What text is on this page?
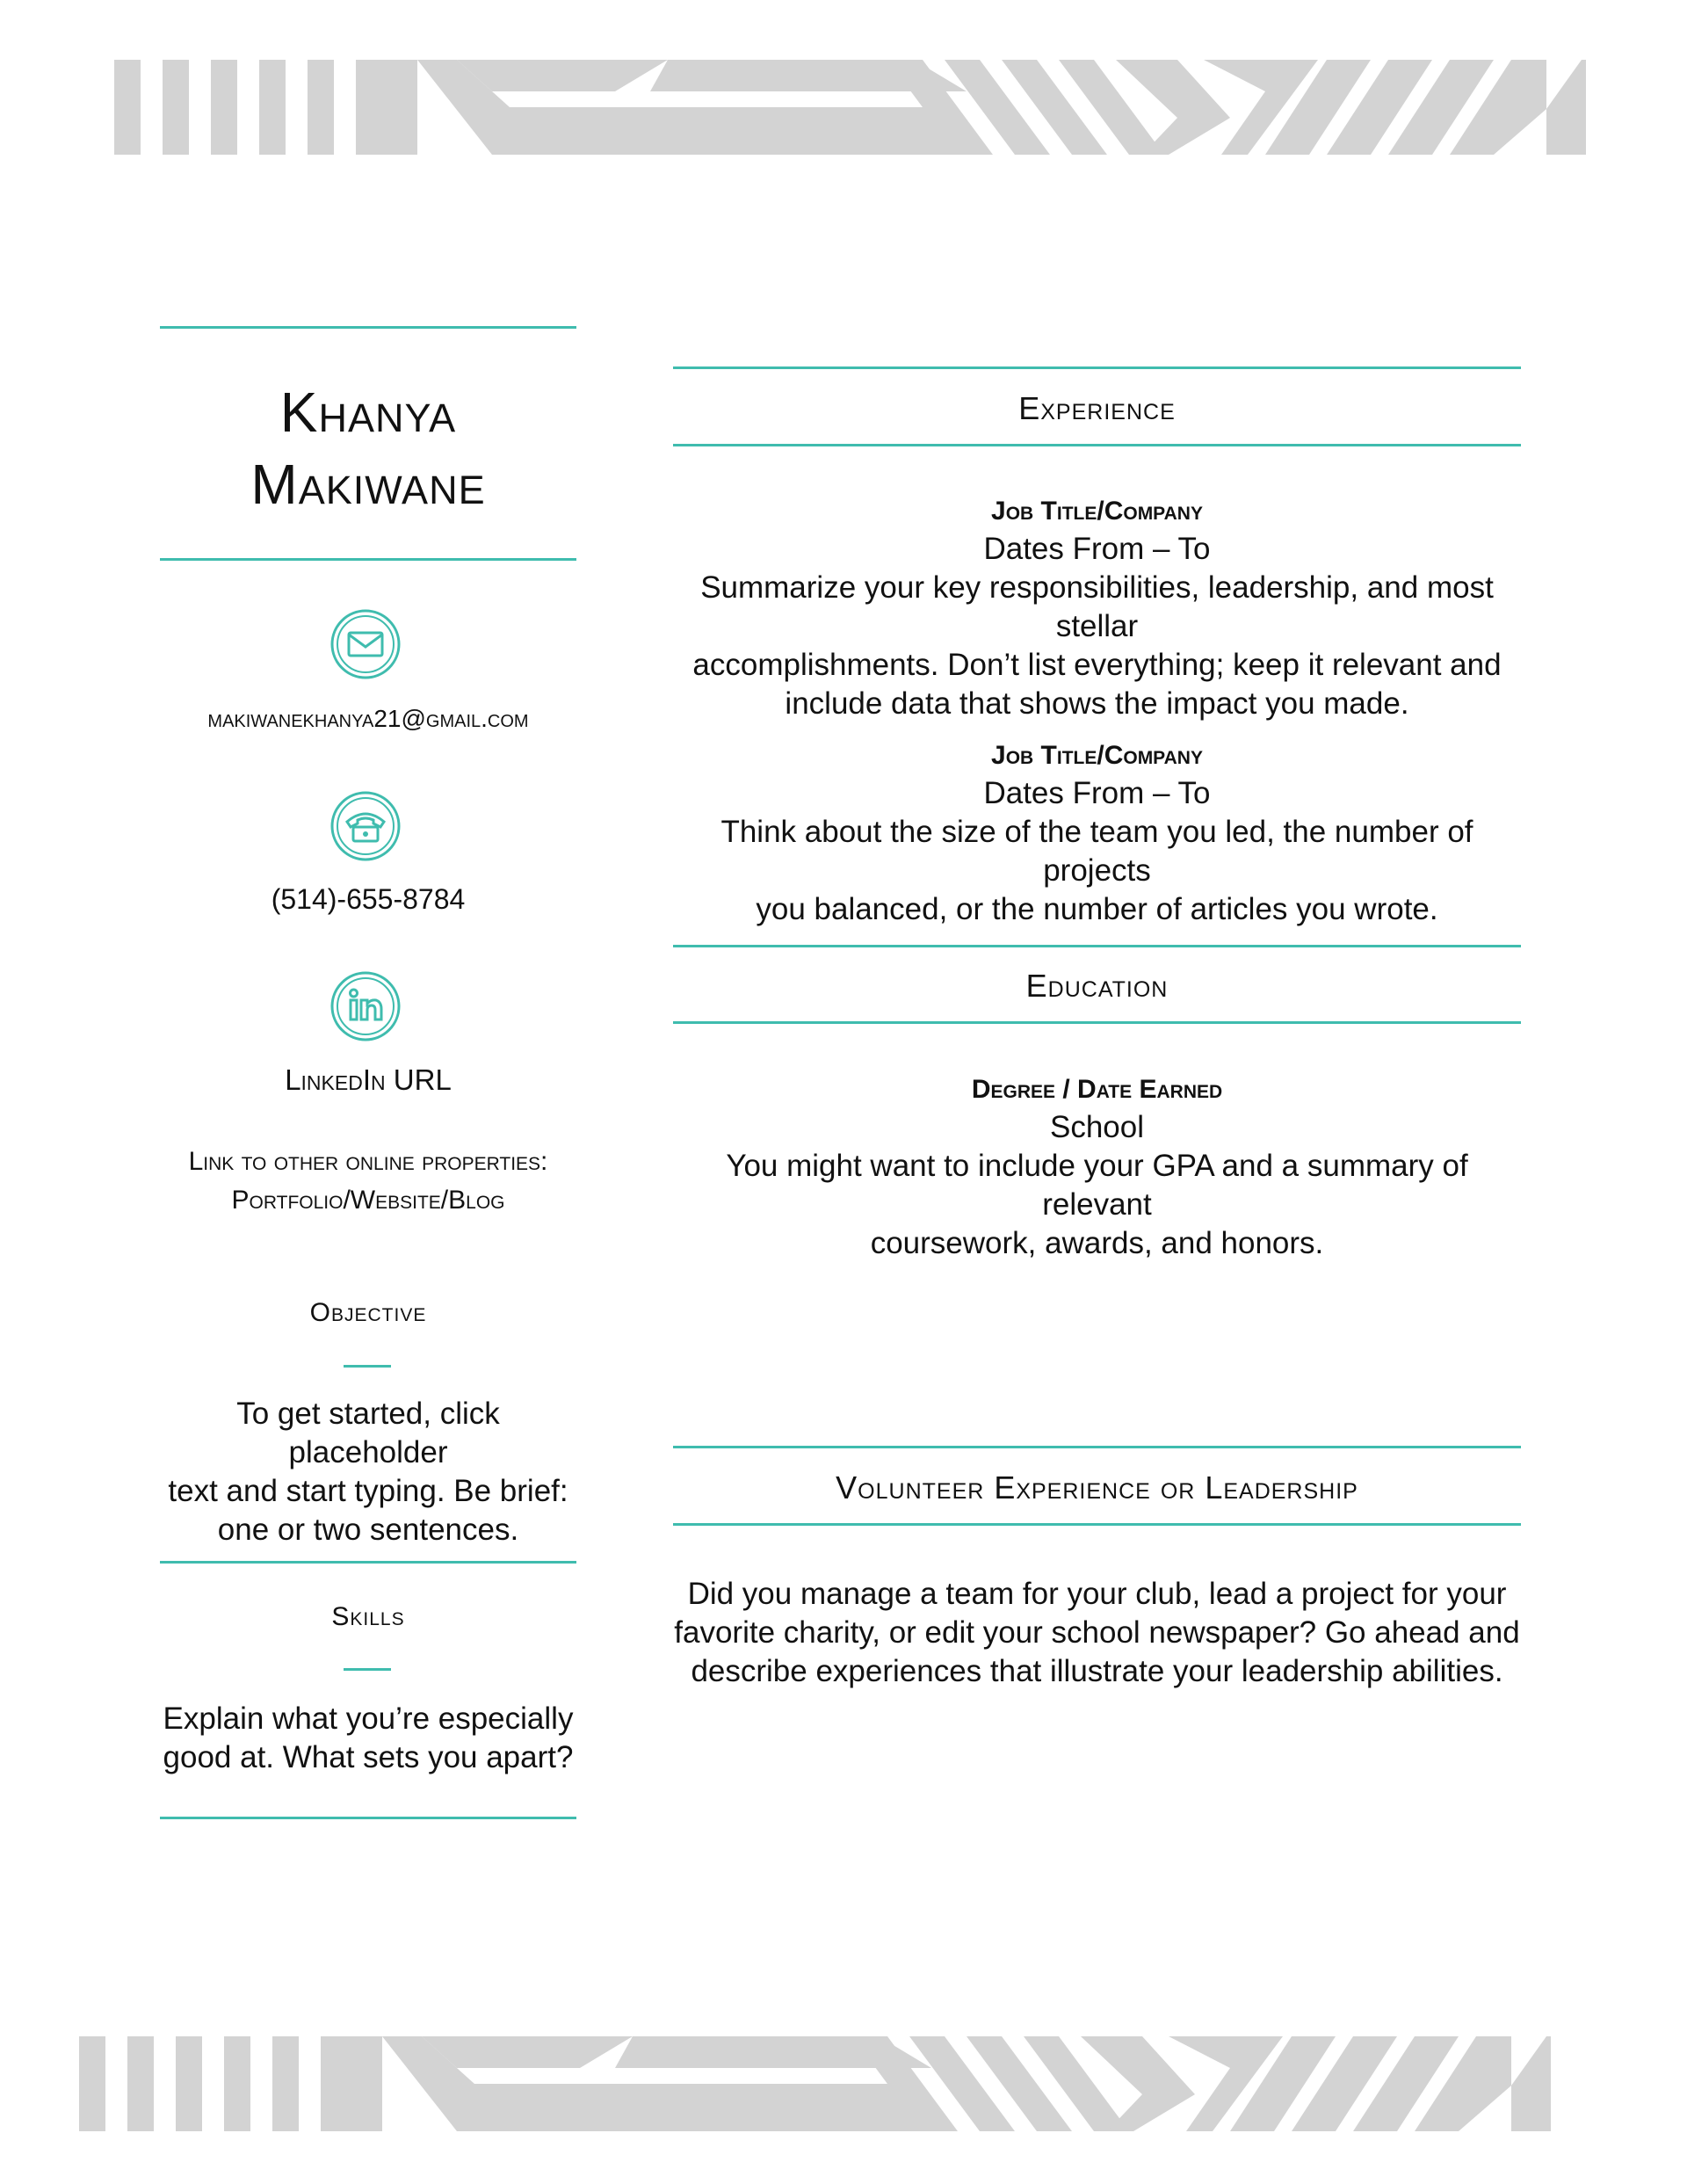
Khanya
Makiwane
makiwanekhanya21@gmail.com
(514)-655-8784
LinkedIn URL
Link to other online properties:
Portfolio/Website/Blog
Objective
To get started, click placeholder
text and start typing. Be brief:
one or two sentences.
Skills
Explain what you’re especially
good at. What sets you apart?
Experience
Job Title/Company
Dates From – To
Summarize your key responsibilities, leadership, and most stellar
accomplishments. Don’t list everything; keep it relevant and
include data that shows the impact you made.
Job Title/Company
Dates From – To
Think about the size of the team you led, the number of projects
you balanced, or the number of articles you wrote.
Education
Degree / Date Earned
School
You might want to include your GPA and a summary of relevant
coursework, awards, and honors.
Volunteer Experience or Leadership
Did you manage a team for your club, lead a project for your
favorite charity, or edit your school newspaper? Go ahead and
describe experiences that illustrate your leadership abilities.
